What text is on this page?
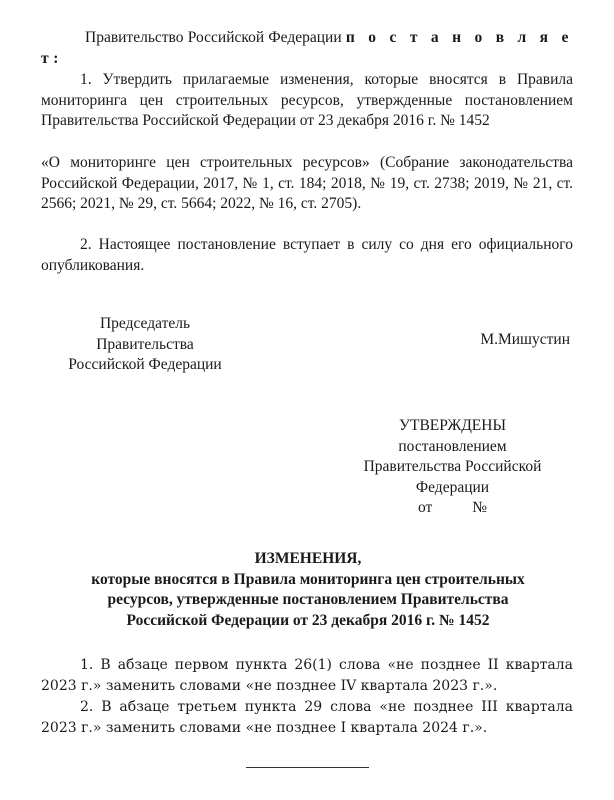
Правительство Российской Федерации п о с т а н о в л я е т:

1. Утвердить прилагаемые изменения, которые вносятся в Правила мониторинга цен строительных ресурсов, утвержденные постановлением Правительства Российской Федерации от 23 декабря 2016 г. № 1452

«О мониторинге цен строительных ресурсов» (Собрание законодательства Российской Федерации, 2017, № 1, ст. 184; 2018, № 19, ст. 2738; 2019, № 21, ст. 2566; 2021, № 29, ст. 5664; 2022, № 16, ст. 2705).

2. Настоящее постановление вступает в силу со дня его официального опубликования.

Председатель
Правительства
Российской Федерации
М.Мишустин
УТВЕРЖДЕНЫ
постановлением
Правительства Российской
Федерации
от	№
ИЗМЕНЕНИЯ,
которые вносятся в Правила мониторинга цен строительных
ресурсов, утвержденные постановлением Правительства
Российской Федерации от 23 декабря 2016 г. № 1452

1. В абзаце первом пункта 26(1) слова «не позднее II квартала 2023 г.» заменить словами «не позднее IV квартала 2023 г.».

2. В абзаце третьем пункта 29 слова «не позднее III квартала 2023 г.» заменить словами «не позднее I квартала 2024 г.».
